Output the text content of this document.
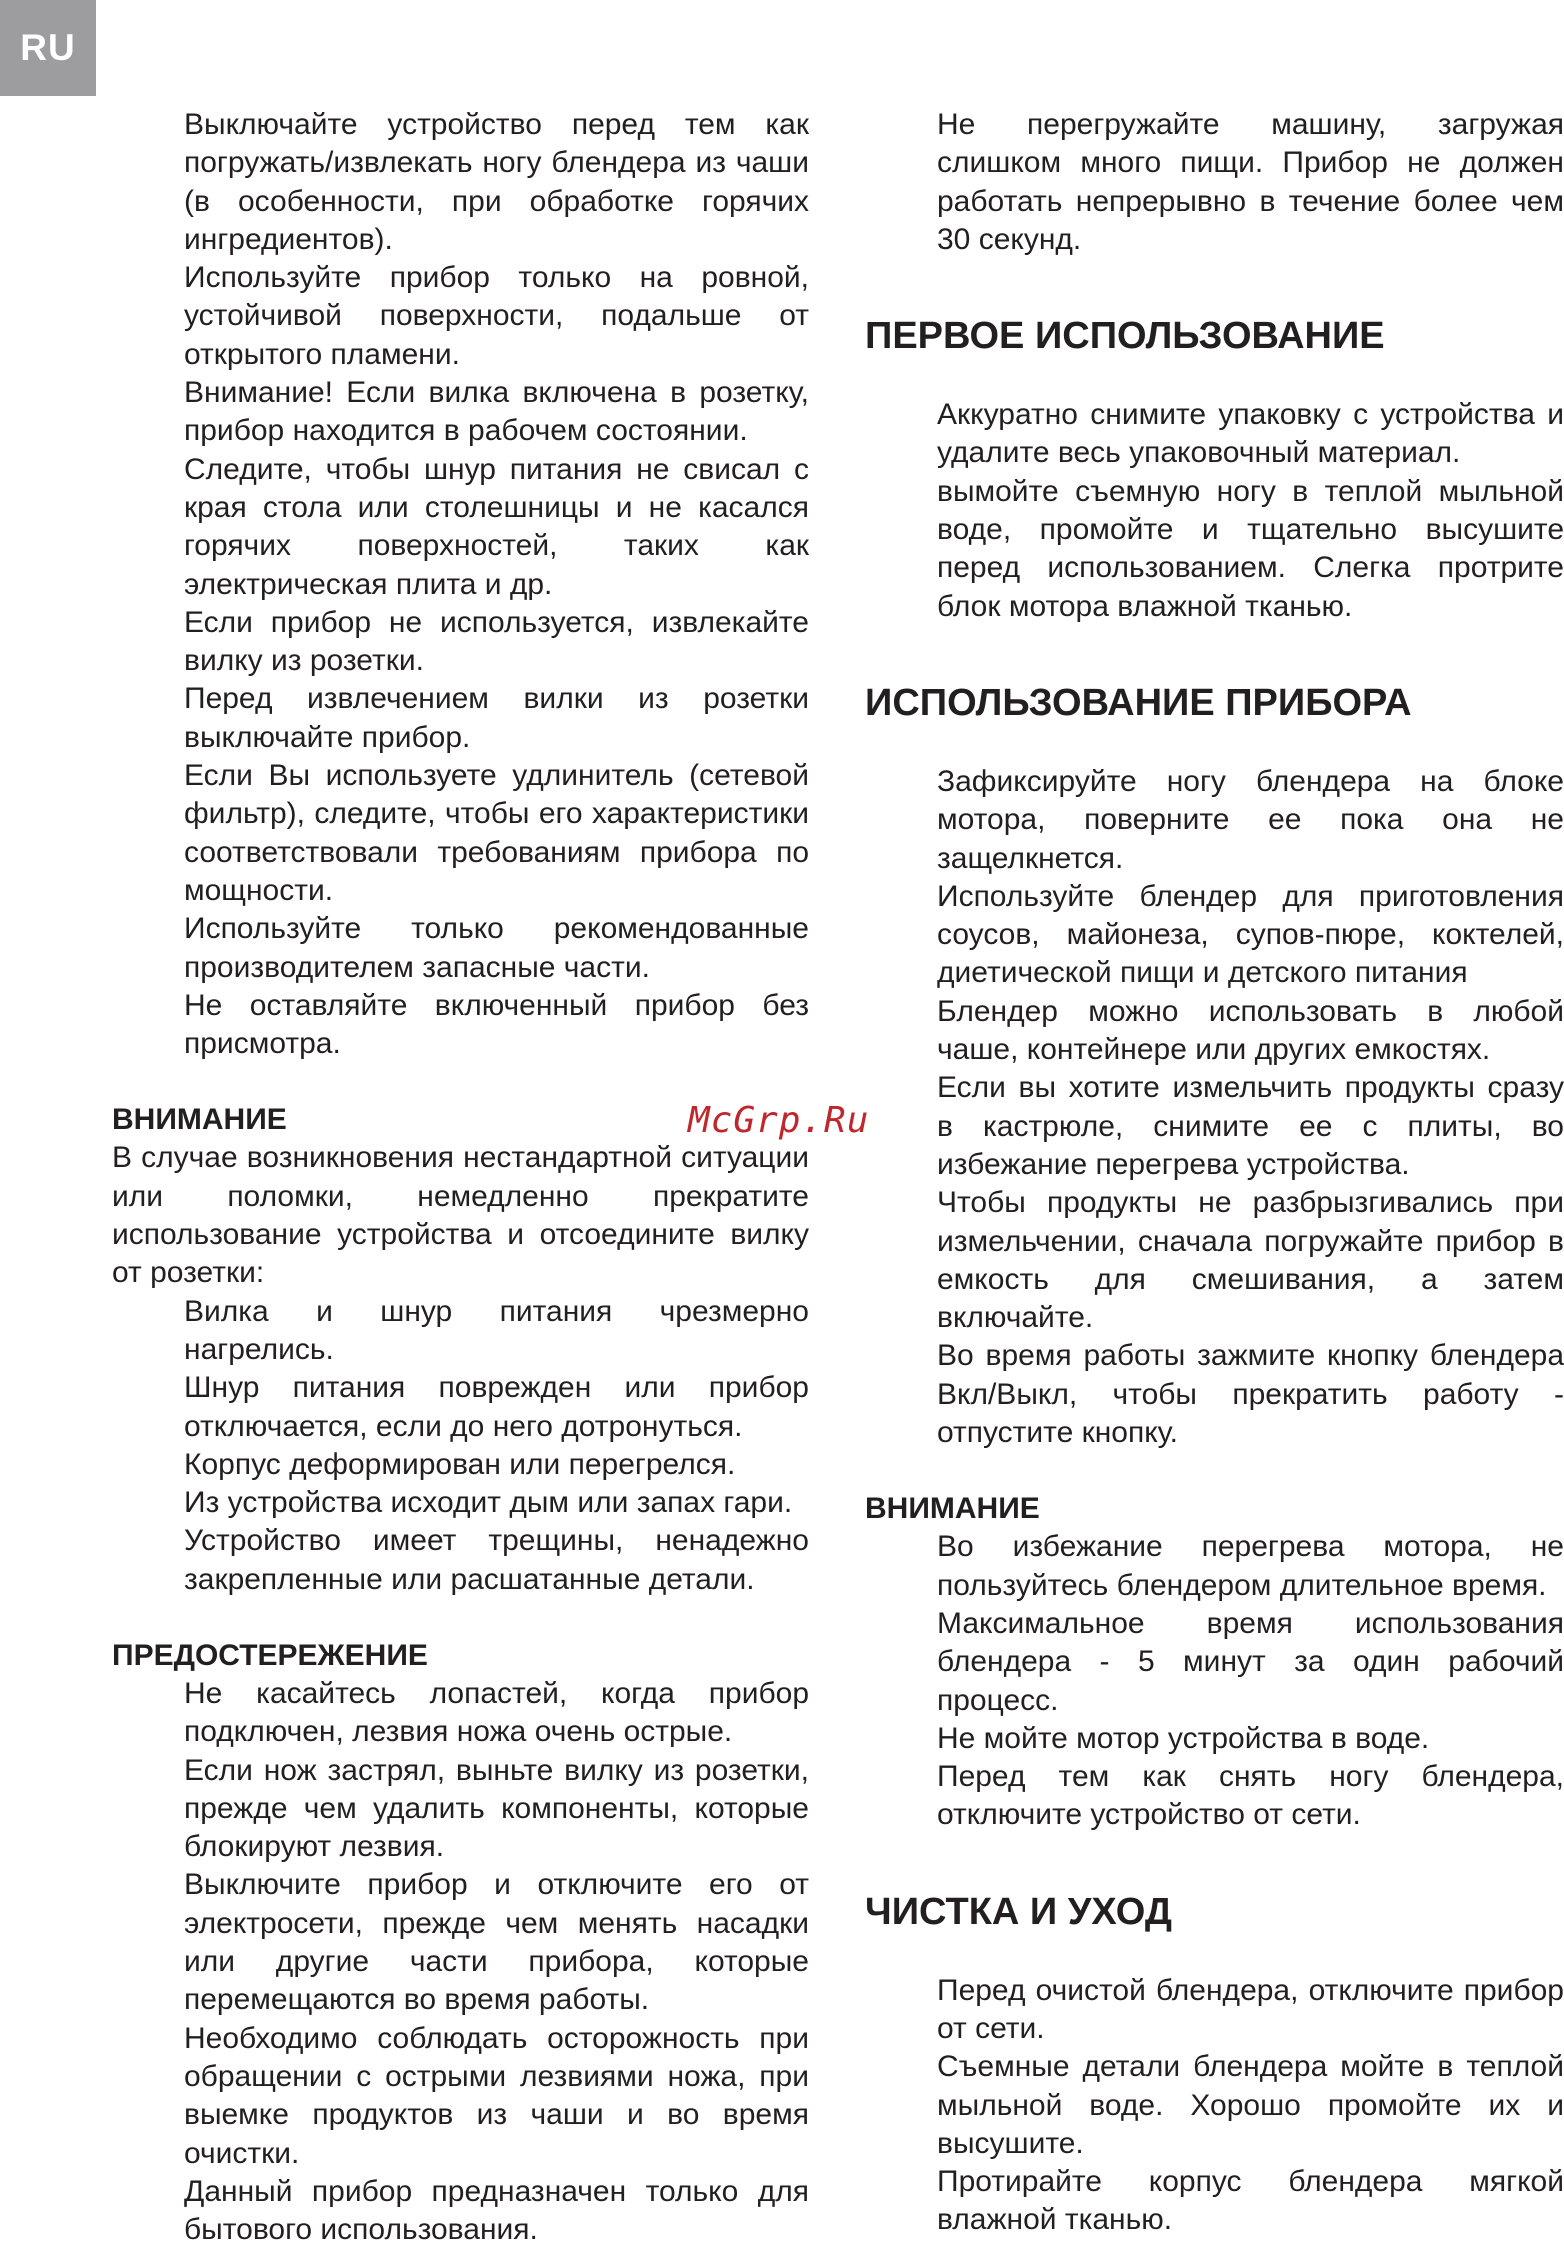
RU

Выключайте устройство перед тем как погружать/извлекать ногу блендера из чаши (в особенности, при обработке горячих ингредиентов).

Используйте прибор только на ровной, устойчивой поверхности, подальше от открытого пламени.

Внимание! Если вилка включена в розетку, прибор находится в рабочем состоянии.

Следите, чтобы шнур питания не свисал с края стола или столешницы и не касался горячих поверхностей, таких как электрическая плита и др.

Если прибор не используется, извлекайте вилку из розетки.

Перед извлечением вилки из розетки выключайте прибор.

Если Вы используете удлинитель (сетевой фильтр), следите, чтобы его характеристики соответствовали требованиям прибора по мощности.

Используйте только рекомендованные производителем запасные части.

Не оставляйте включенный прибор без присмотра.

ВНИМАНИЕ

В случае возникновения нестандартной ситуации или поломки, немедленно прекратите использование устройства и отсоедините вилку от розетки:

Вилка и шнур питания чрезмерно нагрелись.

Шнур питания поврежден или прибор отключается, если до него дотронуться.

Корпус деформирован или перегрелся.

Из устройства исходит дым или запах гари.

Устройство имеет трещины, ненадежно закрепленные или расшатанные детали.

ПРЕДОСТЕРЕЖЕНИЕ

Не касайтесь лопастей, когда прибор подключен, лезвия ножа очень острые.

Если нож застрял, выньте вилку из розетки, прежде чем удалить компоненты, которые блокируют лезвия.

Выключите прибор и отключите его от электросети, прежде чем менять насадки или другие части прибора, которые перемещаются во время работы.

Необходимо соблюдать осторожность при обращении с острыми лезвиями ножа, при выемке продуктов из чаши и во время очистки.

Данный прибор предназначен только для бытового использования.

Не перегружайте машину, загружая слишком много пищи. Прибор не должен работать непрерывно в течение более чем 30 секунд.

ПЕРВОЕ ИСПОЛЬЗОВАНИЕ

Аккуратно снимите упаковку с устройства и удалите весь упаковочный материал.

вымойте съемную ногу в теплой мыльной воде, промойте и тщательно высушите перед использованием. Слегка протрите блок мотора влажной тканью.

ИСПОЛЬЗОВАНИЕ ПРИБОРА

Зафиксируйте ногу блендера на блоке мотора, поверните ее пока она не защелкнется.

Используйте блендер для приготовления соусов, майонеза, супов-пюре, коктелей, диетической пищи и детского питания

Блендер можно использовать в любой чаше, контейнере или других емкостях.

Если вы хотите измельчить продукты сразу в кастрюле, снимите ее с плиты, во избежание перегрева устройства.

Чтобы продукты не разбрызгивались при измельчении, сначала погружайте прибор в емкость для смешивания, а затем включайте.

Во время работы зажмите кнопку блендера Вкл/Выкл, чтобы прекратить работу - отпустите кнопку.

ВНИМАНИЕ

Во избежание перегрева мотора, не пользуйтесь блендером длительное время.

Максимальное время использования блендера - 5 минут за один рабочий процесс.

Не мойте мотор устройства в воде.

Перед тем как снять ногу блендера, отключите устройство от сети.

ЧИСТКА И УХОД

Перед очистой блендера, отключите прибор от сети.

Съемные детали блендера мойте в теплой мыльной воде. Хорошо промойте их и высушите.

Протирайте корпус блендера мягкой влажной тканью.

McGrp.Ru
